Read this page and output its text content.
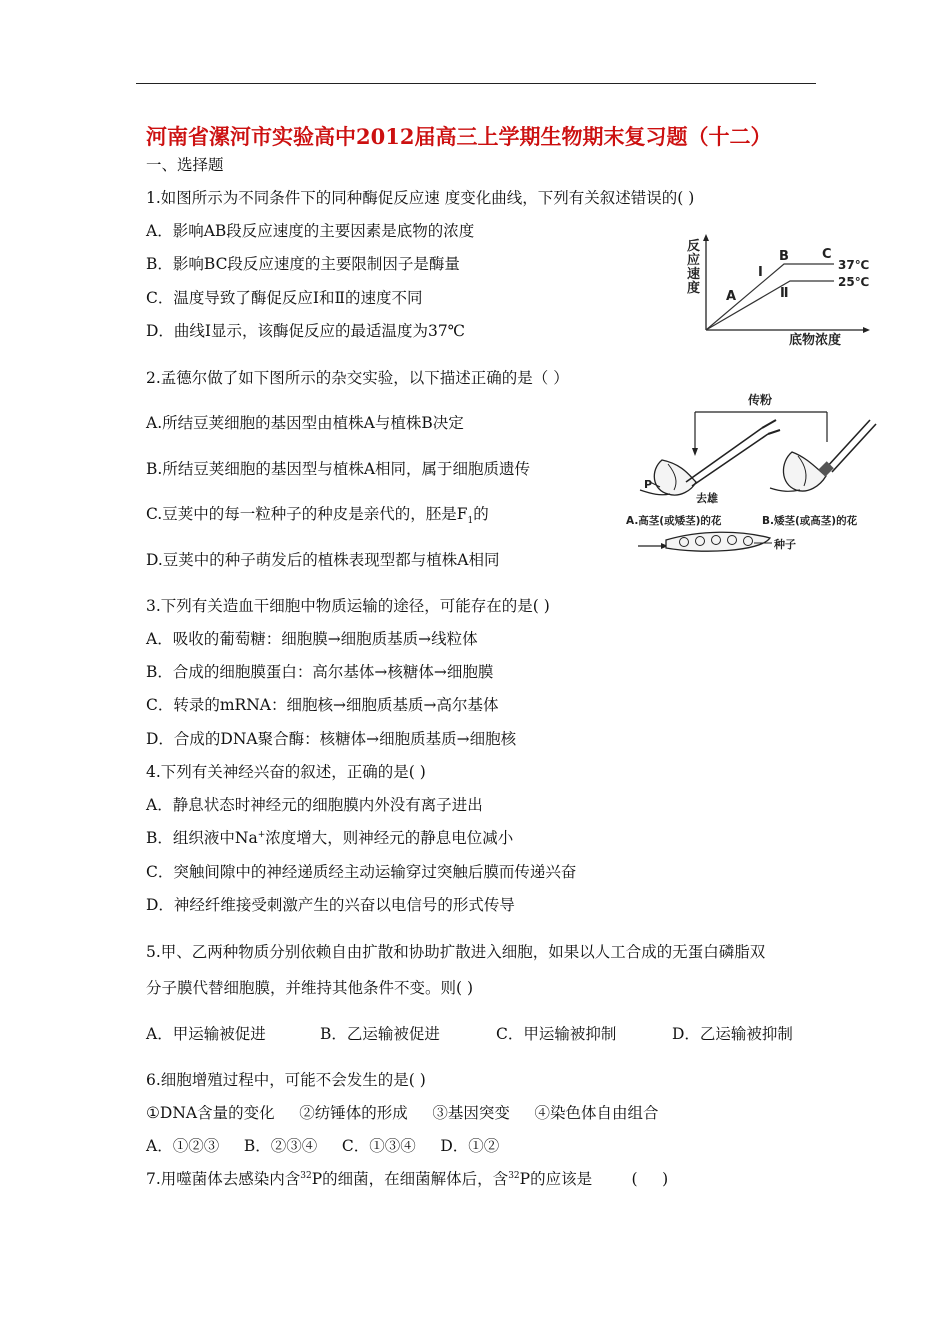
河南省漯河市实验高中2012届高三上学期生物期末复习题（十二）
一、选择题
1.如图所示为不同条件下的同种酶促反应速 度变化曲线，下列有关叙述错误的( )
A．影响AB段反应速度的主要因素是底物的浓度
B．影响BC段反应速度的主要限制因子是酶量
C．温度导致了酶促反应Ⅰ和Ⅱ的速度不同
D．曲线Ⅰ显示，该酶促反应的最适温度为37℃
反
应
速
度
底物浓度
A
B	C
Ⅰ
Ⅱ
37℃
25℃
2.孟德尔做了如下图所示的杂交实验，以下描述正确的是（ ）
A.所结豆荚细胞的基因型由植株A与植株B决定
B.所结豆荚细胞的基因型与植株A相同，属于细胞质遗传
C.豆荚中的每一粒种子的种皮是亲代的，胚是$F_1$的
D.豆荚中的种子萌发后的植株表现型都与植株A相同
传粉
P
去雄
A.高茎(或矮茎)的花	B.矮茎(或高茎)的花
种子
3.下列有关造血干细胞中物质运输的途径，可能存在的是( )
A．吸收的葡萄糖：细胞膜→细胞质基质→线粒体
B．合成的细胞膜蛋白：高尔基体→核糖体→细胞膜
C．转录的mRNA：细胞核→细胞质基质→高尔基体
D．合成的DNA聚合酶：核糖体→细胞质基质→细胞核
4.下列有关神经兴奋的叙述，正确的是( )
A．静息状态时神经元的细胞膜内外没有离子进出
B．组织液中Na+浓度增大，则神经元的静息电位减小
C．突触间隙中的神经递质经主动运输穿过突触后膜而传递兴奋
D．神经纤维接受刺激产生的兴奋以电信号的形式传导
5.甲、乙两种物质分别依赖自由扩散和协助扩散进入细胞，如果以人工合成的无蛋白磷脂双
分子膜代替细胞膜，并维持其他条件不变。则( )
A．甲运输被促进	B．乙运输被促进	C．甲运输被抑制	D．乙运输被抑制
6.细胞增殖过程中，可能不会发生的是( )
①DNA含量的变化     ②纺锤体的形成     ③基因突变     ④染色体自由组合
A．①②③     B．②③④     C．①③④     D．①②
7.用噬菌体去感染内含$^{32}$P的细菌，在细菌解体后，含$^{32}$P的应该是        (     )
